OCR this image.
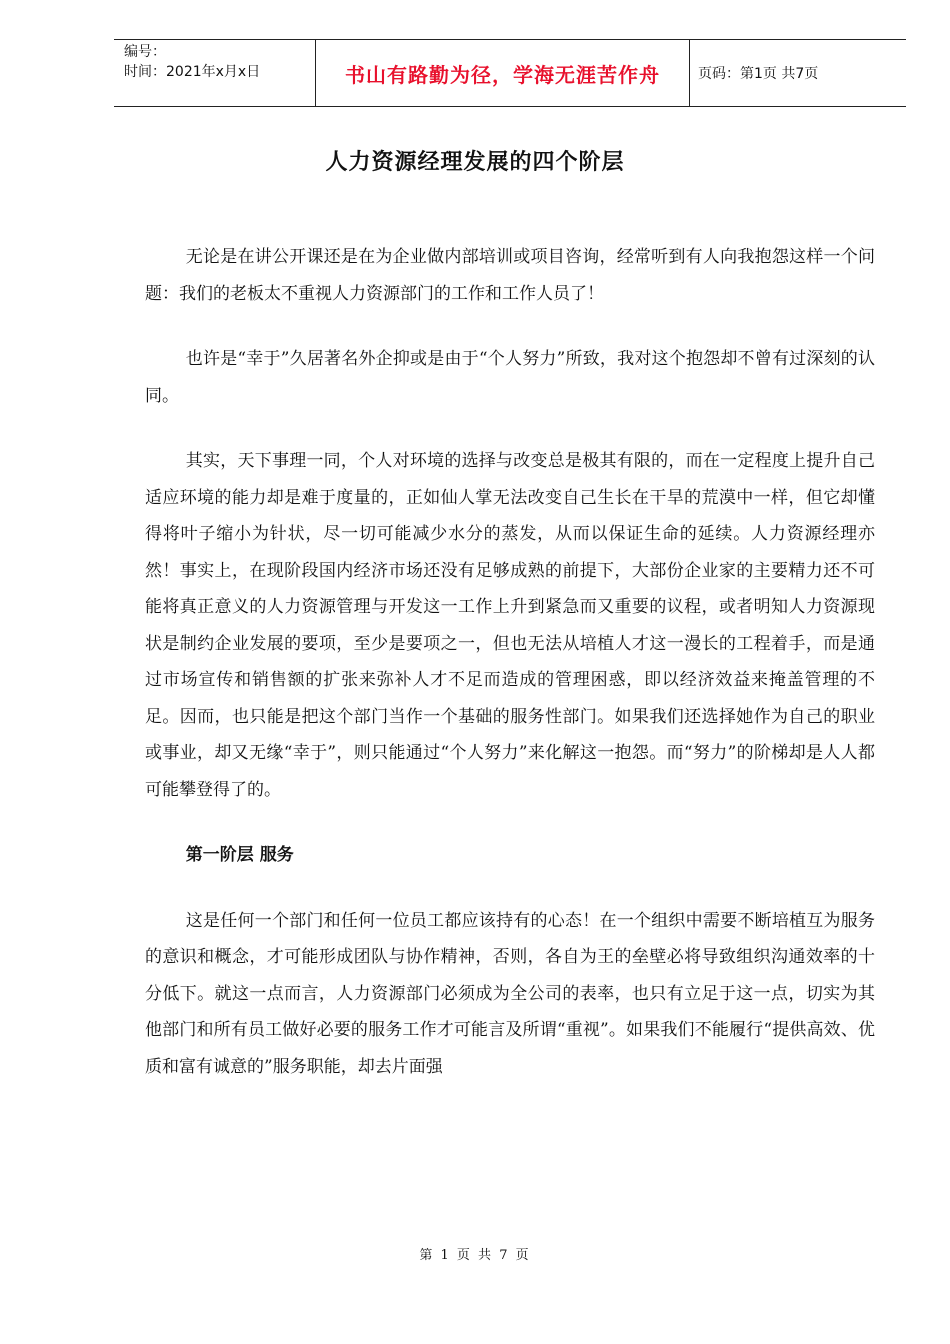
编号：
时间：2021年x月x日	书山有路勤为径，学海无涯苦作舟	页码：第1页 共7页
人力资源经理发展的四个阶层

无论是在讲公开课还是在为企业做内部培训或项目咨询，经常听到有人向我抱怨这样一个问题：我们的老板太不重视人力资源部门的工作和工作人员了！

也许是“幸于”久居著名外企抑或是由于“个人努力”所致，我对这个抱怨却不曾有过深刻的认同。

其实，天下事理一同，个人对环境的选择与改变总是极其有限的，而在一定程度上提升自己适应环境的能力却是难于度量的，正如仙人掌无法改变自己生长在干旱的荒漠中一样，但它却懂得将叶子缩小为针状，尽一切可能减少水分的蒸发，从而以保证生命的延续。人力资源经理亦然！事实上，在现阶段国内经济市场还没有足够成熟的前提下，大部份企业家的主要精力还不可能将真正意义的人力资源管理与开发这一工作上升到紧急而又重要的议程，或者明知人力资源现状是制约企业发展的要项，至少是要项之一，但也无法从培植人才这一漫长的工程着手，而是通过市场宣传和销售额的扩张来弥补人才不足而造成的管理困惑，即以经济效益来掩盖管理的不足。因而，也只能是把这个部门当作一个基础的服务性部门。如果我们还选择她作为自己的职业或事业，却又无缘“幸于”，则只能通过“个人努力”来化解这一抱怨。而“努力”的阶梯却是人人都可能攀登得了的。

第一阶层 服务

这是任何一个部门和任何一位员工都应该持有的心态！在一个组织中需要不断培植互为服务的意识和概念，才可能形成团队与协作精神，否则，各自为王的垒壁必将导致组织沟通效率的十分低下。就这一点而言，人力资源部门必须成为全公司的表率，也只有立足于这一点，切实为其他部门和所有员工做好必要的服务工作才可能言及所谓“重视”。如果我们不能履行“提供高效、优质和富有诚意的”服务职能，却去片面强

第 1 页 共 7 页
